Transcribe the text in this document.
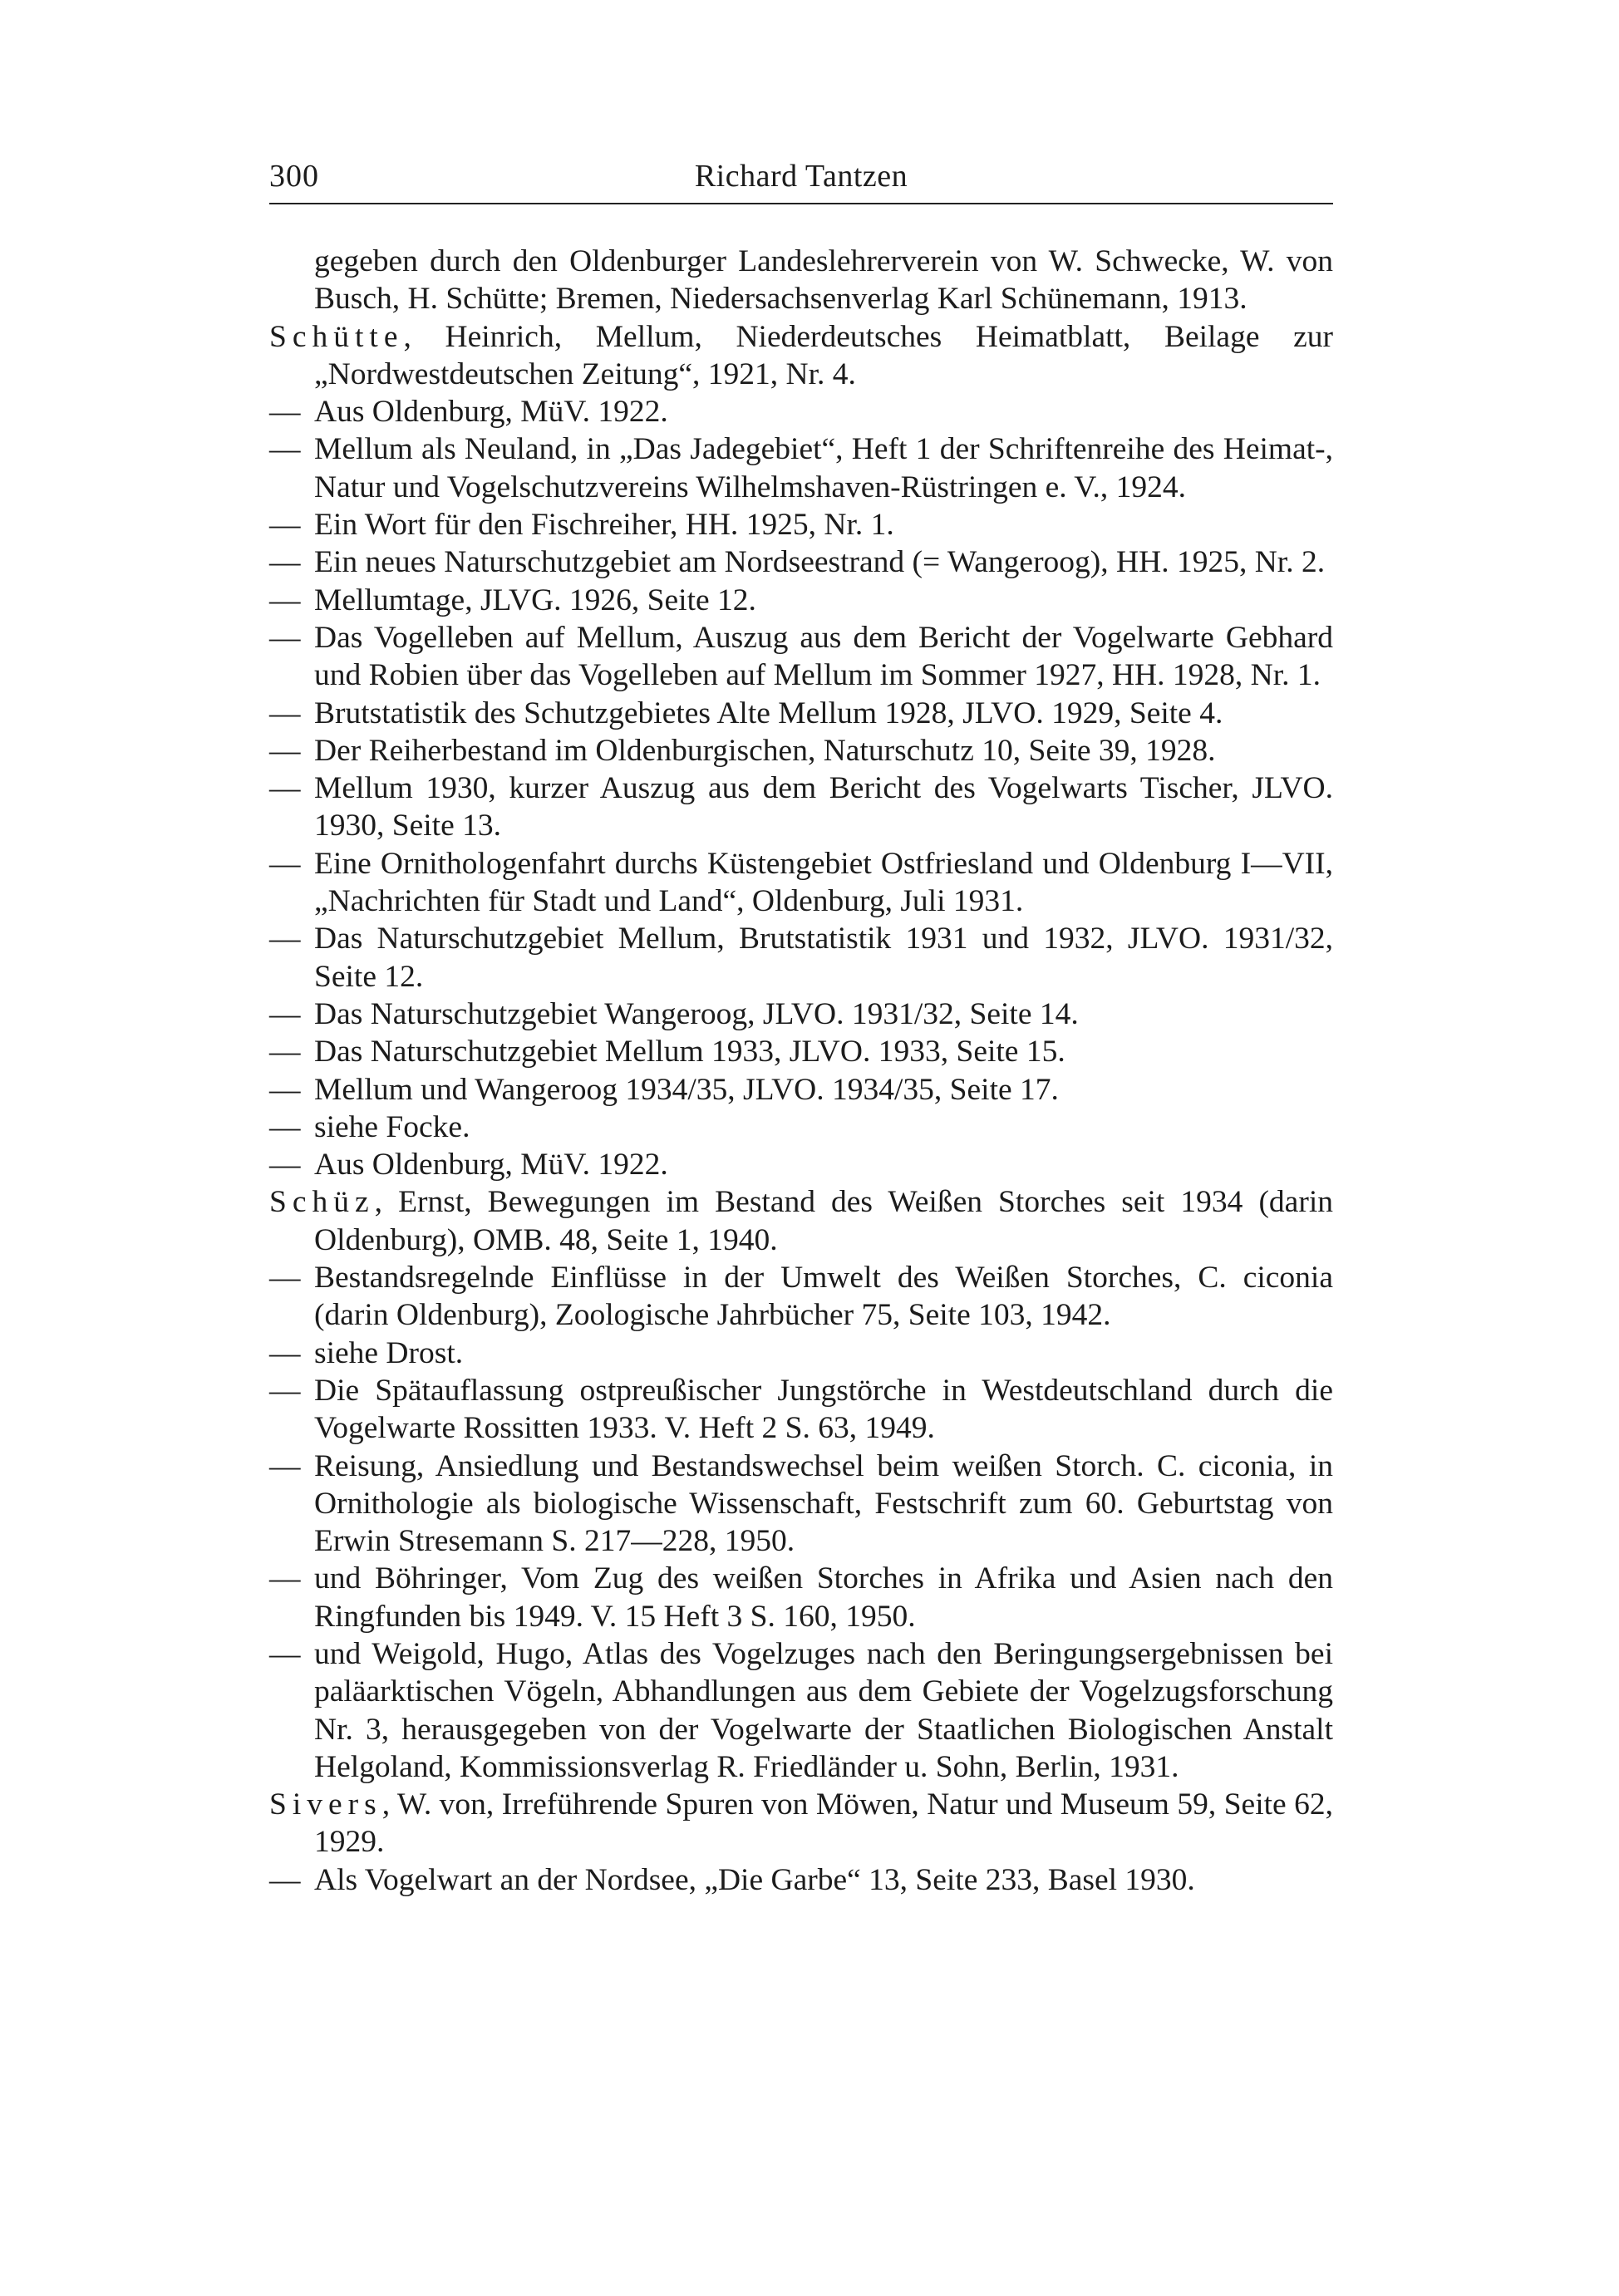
300	Richard Tantzen
gegeben durch den Oldenburger Landeslehrerverein von W. Schwecke, W. von Busch, H. Schütte; Bremen, Niedersachsenverlag Karl Schünemann, 1913.
Schütte, Heinrich, Mellum, Niederdeutsches Heimatblatt, Beilage zur „Nordwestdeutschen Zeitung“, 1921, Nr. 4.
— Aus Oldenburg, MüV. 1922.
— Mellum als Neuland, in „Das Jadegebiet“, Heft 1 der Schriftenreihe des Heimat-, Natur und Vogelschutzvereins Wilhelmshaven-Rüstringen e. V., 1924.
— Ein Wort für den Fischreiher, HH. 1925, Nr. 1.
— Ein neues Naturschutzgebiet am Nordseestrand (= Wangeroog), HH. 1925, Nr. 2.
— Mellumtage, JLVG. 1926, Seite 12.
— Das Vogelleben auf Mellum, Auszug aus dem Bericht der Vogelwarte Gebhard und Robien über das Vogelleben auf Mellum im Sommer 1927, HH. 1928, Nr. 1.
— Brutstatistik des Schutzgebietes Alte Mellum 1928, JLVO. 1929, Seite 4.
— Der Reiherbestand im Oldenburgischen, Naturschutz 10, Seite 39, 1928.
— Mellum 1930, kurzer Auszug aus dem Bericht des Vogelwarts Tischer, JLVO. 1930, Seite 13.
— Eine Ornithologenfahrt durchs Küstengebiet Ostfriesland und Oldenburg I—VII, „Nachrichten für Stadt und Land“, Oldenburg, Juli 1931.
— Das Naturschutzgebiet Mellum, Brutstatistik 1931 und 1932, JLVO. 1931/32, Seite 12.
— Das Naturschutzgebiet Wangeroog, JLVO. 1931/32, Seite 14.
— Das Naturschutzgebiet Mellum 1933, JLVO. 1933, Seite 15.
— Mellum und Wangeroog 1934/35, JLVO. 1934/35, Seite 17.
— siehe Focke.
— Aus Oldenburg, MüV. 1922.
Schüz, Ernst, Bewegungen im Bestand des Weißen Storches seit 1934 (darin Oldenburg), OMB. 48, Seite 1, 1940.
— Bestandsregelnde Einflüsse in der Umwelt des Weißen Storches, C. ciconia (darin Oldenburg), Zoologische Jahrbücher 75, Seite 103, 1942.
— siehe Drost.
— Die Spätauflassung ostpreußischer Jungstörche in Westdeutschland durch die Vogelwarte Rossitten 1933. V. Heft 2 S. 63, 1949.
— Reisung, Ansiedlung und Bestandswechsel beim weißen Storch. C. ciconia, in Ornithologie als biologische Wissenschaft, Festschrift zum 60. Geburtstag von Erwin Stresemann S. 217—228, 1950.
— und Böhringer, Vom Zug des weißen Storches in Afrika und Asien nach den Ringfunden bis 1949. V. 15 Heft 3 S. 160, 1950.
— und Weigold, Hugo, Atlas des Vogelzuges nach den Beringungsergebnissen bei paläarktischen Vögeln, Abhandlungen aus dem Gebiete der Vogelzugsforschung Nr. 3, herausgegeben von der Vogelwarte der Staatlichen Biologischen Anstalt Helgoland, Kommissionsverlag R. Friedländer u. Sohn, Berlin, 1931.
Sivers, W. von, Irreführende Spuren von Möwen, Natur und Museum 59, Seite 62, 1929.
— Als Vogelwart an der Nordsee, „Die Garbe“ 13, Seite 233, Basel 1930.
